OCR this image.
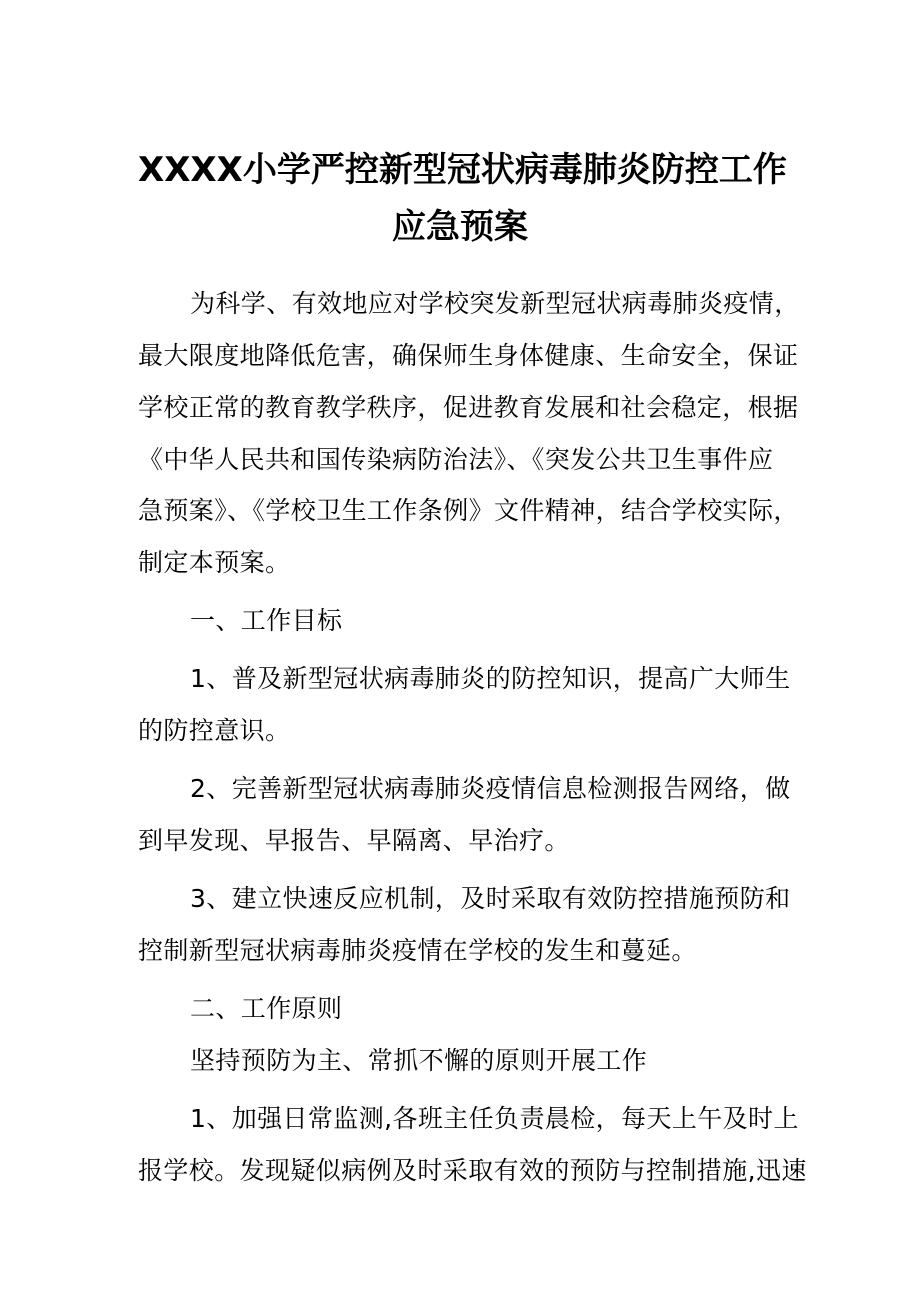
XXXX小学严控新型冠状病毒肺炎防控工作
应急预案
为科学、有效地应对学校突发新型冠状病毒肺炎疫情，
最大限度地降低危害，确保师生身体健康、生命安全，保证
学校正常的教育教学秩序，促进教育发展和社会稳定，根据
《中华人民共和国传染病防治法》、《突发公共卫生事件应
急预案》、《学校卫生工作条例》文件精神，结合学校实际，
制定本预案。
一、工作目标
1、普及新型冠状病毒肺炎的防控知识，提高广大师生
的防控意识。
2、完善新型冠状病毒肺炎疫情信息检测报告网络，做
到早发现、早报告、早隔离、早治疗。
3、建立快速反应机制，及时采取有效防控措施预防和
控制新型冠状病毒肺炎疫情在学校的发生和蔓延。
二、工作原则
坚持预防为主、常抓不懈的原则开展工作
1、加强日常监测,各班主任负责晨检，每天上午及时上
报学校。发现疑似病例及时采取有效的预防与控制措施,迅速
